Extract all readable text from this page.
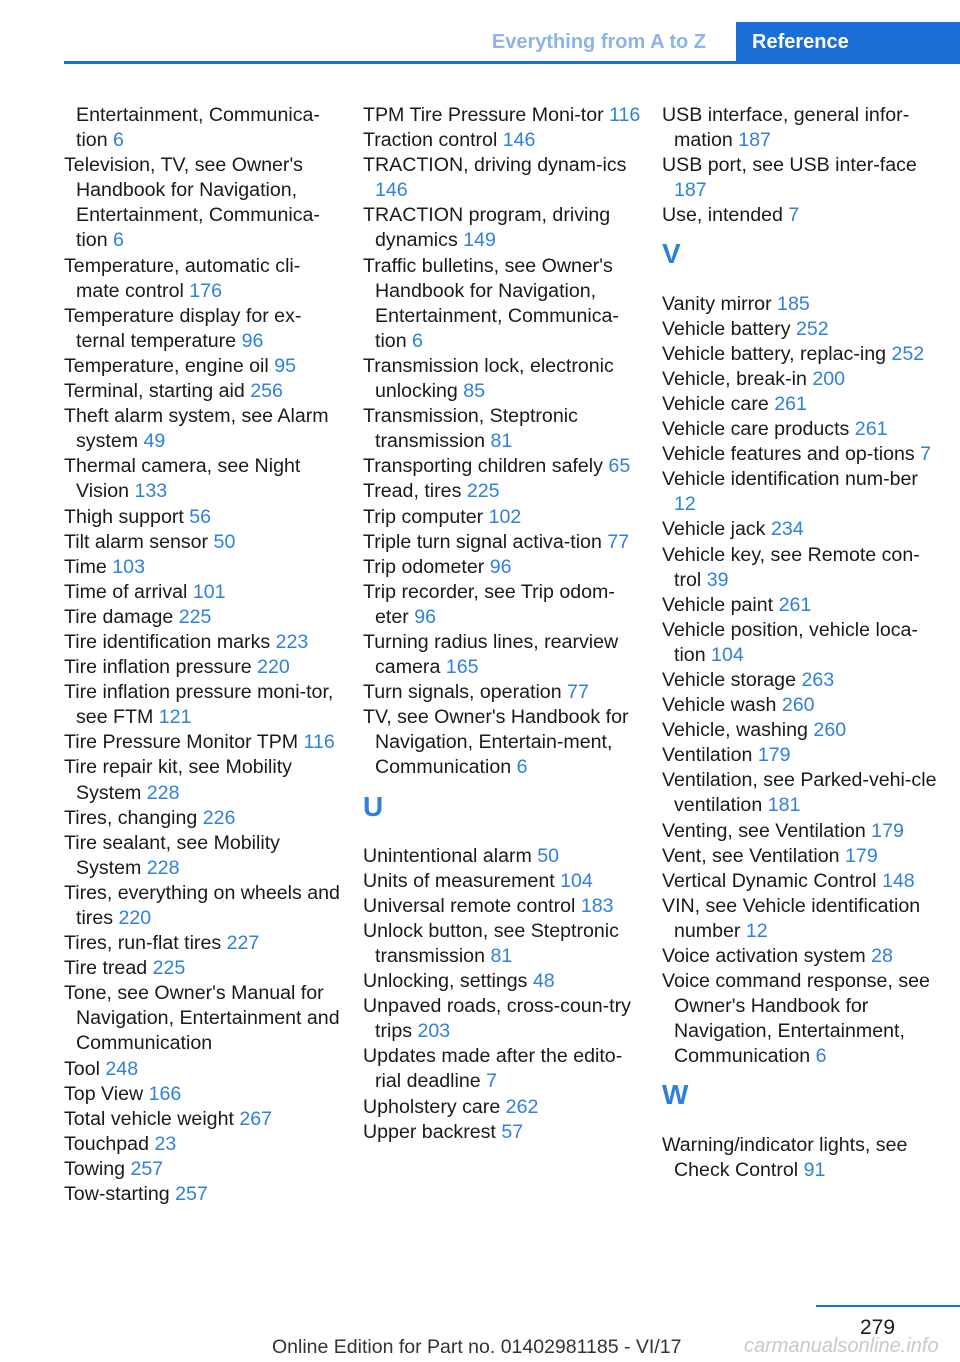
Everything from A to Z	Reference
Entertainment, Communica-
tion 6
Television, TV, see Owner's Handbook for Navigation, Entertainment, Communica-tion 6
Temperature, automatic cli-mate control 176
Temperature display for ex-ternal temperature 96
Temperature, engine oil 95
Terminal, starting aid 256
Theft alarm system, see Alarm system 49
Thermal camera, see Night Vision 133
Thigh support 56
Tilt alarm sensor 50
Time 103
Time of arrival 101
Tire damage 225
Tire identification marks 223
Tire inflation pressure 220
Tire inflation pressure moni-tor, see FTM 121
Tire Pressure Monitor TPM 116
Tire repair kit, see Mobility System 228
Tires, changing 226
Tire sealant, see Mobility System 228
Tires, everything on wheels and tires 220
Tires, run-flat tires 227
Tire tread 225
Tone, see Owner's Manual for Navigation, Entertainment and Communication
Tool 248
Top View 166
Total vehicle weight 267
Touchpad 23
Towing 257
Tow-starting 257
TPM Tire Pressure Moni-tor 116
Traction control 146
TRACTION, driving dynam-ics 146
TRACTION program, driving dynamics 149
Traffic bulletins, see Owner's Handbook for Navigation, Entertainment, Communica-tion 6
Transmission lock, electronic unlocking 85
Transmission, Steptronic transmission 81
Transporting children safely 65
Tread, tires 225
Trip computer 102
Triple turn signal activa-tion 77
Trip odometer 96
Trip recorder, see Trip odom-eter 96
Turning radius lines, rearview camera 165
Turn signals, operation 77
TV, see Owner's Handbook for Navigation, Entertain-ment, Communication 6
U
Unintentional alarm 50
Units of measurement 104
Universal remote control 183
Unlock button, see Steptronic transmission 81
Unlocking, settings 48
Unpaved roads, cross-coun-try trips 203
Updates made after the edito-rial deadline 7
Upholstery care 262
Upper backrest 57
USB interface, general infor-mation 187
USB port, see USB inter-face 187
Use, intended 7
V
Vanity mirror 185
Vehicle battery 252
Vehicle battery, replac-ing 252
Vehicle, break-in 200
Vehicle care 261
Vehicle care products 261
Vehicle features and op-tions 7
Vehicle identification num-ber 12
Vehicle jack 234
Vehicle key, see Remote con-trol 39
Vehicle paint 261
Vehicle position, vehicle loca-tion 104
Vehicle storage 263
Vehicle wash 260
Vehicle, washing 260
Ventilation 179
Ventilation, see Parked-vehi-cle ventilation 181
Venting, see Ventilation 179
Vent, see Ventilation 179
Vertical Dynamic Control 148
VIN, see Vehicle identification number 12
Voice activation system 28
Voice command response, see Owner's Handbook for Navigation, Entertainment, Communication 6
W
Warning/indicator lights, see Check Control 91
279
carmanualsonline.info
Online Edition for Part no. 01402981185 - VI/17
